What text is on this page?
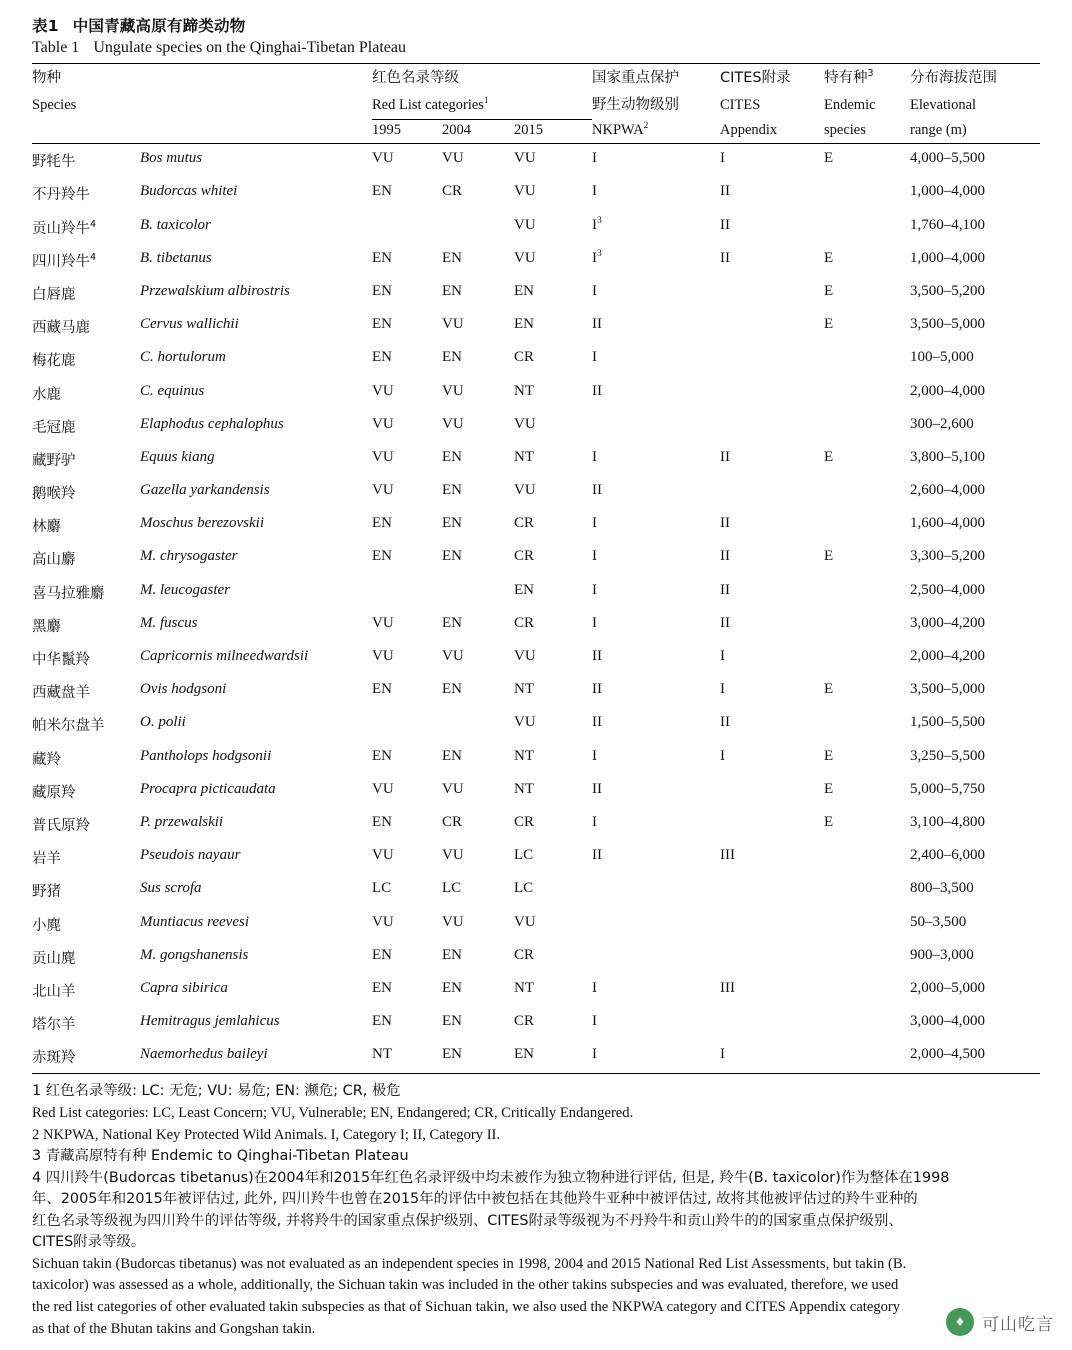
表1 中国青藏高原有蹄类动物
Table 1 Ungulate species on the Qinghai-Tibetan Plateau
物种		红色名录等级			国家重点保护	CITES附录	特有种$^3$	分布海拔范围
Species		Red List categories$^1$			野生动物级别	CITES	Endemic	Elevational

		1995	2004	2015	NKPWA$^2$	Appendix	species	range (m)
野牦牛	Bos mutus	VU	VU	VU	I	I	E	4,000–5,500
不丹羚牛	Budorcas whitei	EN	CR	VU	I	II		1,000–4,000
贡山羚牛$^4$	B. taxicolor			VU	$I^3$	II		1,760–4,100
四川羚牛$^4$	B. tibetanus	EN	EN	VU	$I^3$	II	E	1,000–4,000
白唇鹿	Przewalskium albirostris	EN	EN	EN	I		E	3,500–5,200
西藏马鹿	Cervus wallichii	EN	VU	EN	II		E	3,500–5,000
梅花鹿	C. hortulorum	EN	EN	CR	I			100–5,000
水鹿	C. equinus	VU	VU	NT	II			2,000–4,000
毛冠鹿	Elaphodus cephalophus	VU	VU	VU				300–2,600
藏野驴	Equus kiang	VU	EN	NT	I	II	E	3,800–5,100
鹅喉羚	Gazella yarkandensis	VU	EN	VU	II			2,600–4,000
林麝	Moschus berezovskii	EN	EN	CR	I	II		1,600–4,000
高山麝	M. chrysogaster	EN	EN	CR	I	II	E	3,300–5,200
喜马拉雅麝	M. leucogaster			EN	I	II		2,500–4,000
黑麝	M. fuscus	VU	EN	CR	I	II		3,000–4,200
中华鬣羚	Capricornis milneedwardsii	VU	VU	VU	II	I		2,000–4,200
西藏盘羊	Ovis hodgsoni	EN	EN	NT	II	I	E	3,500–5,000
帕米尔盘羊	O. polii			VU	II	II		1,500–5,500
藏羚	Pantholops hodgsonii	EN	EN	NT	I	I	E	3,250–5,500
藏原羚	Procapra picticaudata	VU	VU	NT	II		E	5,000–5,750
普氏原羚	P. przewalskii	EN	CR	CR	I		E	3,100–4,800
岩羊	Pseudois nayaur	VU	VU	LC	II	III		2,400–6,000
野猪	Sus scrofa	LC	LC	LC				800–3,500
小麂	Muntiacus reevesi	VU	VU	VU				50–3,500
贡山麂	M. gongshanensis	EN	EN	CR				900–3,000
北山羊	Capra sibirica	EN	EN	NT	I	III		2,000–5,000
塔尔羊	Hemitragus jemlahicus	EN	EN	CR	I			3,000–4,000
赤斑羚	Naemorhedus baileyi	NT	EN	EN	I	I		2,000–4,500

1 红色名录等级: LC: 无危; VU: 易危; EN: 濒危; CR, 极危

Red List categories: LC, Least Concern; VU, Vulnerable; EN, Endangered; CR, Critically Endangered.

2 NKPWA, National Key Protected Wild Animals. I, Category I; II, Category II.

3 青藏高原特有种 Endemic to Qinghai-Tibetan Plateau

4 四川羚牛(Budorcas tibetanus)在2004年和2015年红色名录评级中均未被作为独立物种进行评估, 但是, 羚牛(B. taxicolor)作为整体在1998

年、2005年和2015年被评估过, 此外, 四川羚牛也曾在2015年的评估中被包括在其他羚牛亚种中被评估过, 故将其他被评估过的羚牛亚种的

红色名录等级视为四川羚牛的评估等级, 并将羚牛的国家重点保护级别、CITES附录等级视为不丹羚牛和贡山羚牛的的国家重点保护级别、

CITES附录等级。

Sichuan takin (Budorcas tibetanus) was not evaluated as an independent species in 1998, 2004 and 2015 National Red List Assessments, but takin (B.

taxicolor) was assessed as a whole, additionally, the Sichuan takin was included in the other takins subspecies and was evaluated, therefore, we used

the red list categories of other evaluated takin subspecies as that of Sichuan takin, we also used the NKPWA category and CITES Appendix category

as that of the Bhutan takins and Gongshan takin.	♦ 可山吃言
